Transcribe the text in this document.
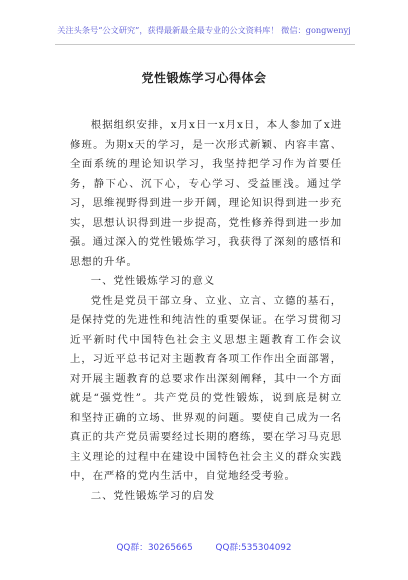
关注头条号“公文研究”，获得最新最全最专业的公文资料库！ 微信：gongwenyj
党性锻炼学习心得体会

根据组织安排，x月x日一x月x日，本人参加了x进修班。为期x天的学习，是一次形式新颖、内容丰富、全面系统的理论知识学习，我坚持把学习作为首要任务，静下心、沉下心，专心学习、受益匪浅。通过学习，思维视野得到进一步开阔，理论知识得到进一步充实，思想认识得到进一步提高，党性修养得到进一步加强。通过深入的党性锻炼学习，我获得了深刻的感悟和思想的升华。

一、党性锻炼学习的意义

党性是党员干部立身、立业、立言、立德的基石，是保持党的先进性和纯洁性的重要保证。在学习贯彻习近平新时代中国特色社会主义思想主题教育工作会议上，习近平总书记对主题教育各项工作作出全面部署，对开展主题教育的总要求作出深刻阐释，其中一个方面就是“强党性”。共产党员的党性锻炼，说到底是树立和坚持正确的立场、世界观的问题。要使自己成为一名真正的共产党员需要经过长期的磨练，要在学习马克思主义理论的过程中在建设中国特色社会主义的群众实践中，在严格的党内生活中，自觉地经受考验。

二、党性锻炼学习的启发

QQ群：30265665	QQ群:535304092
